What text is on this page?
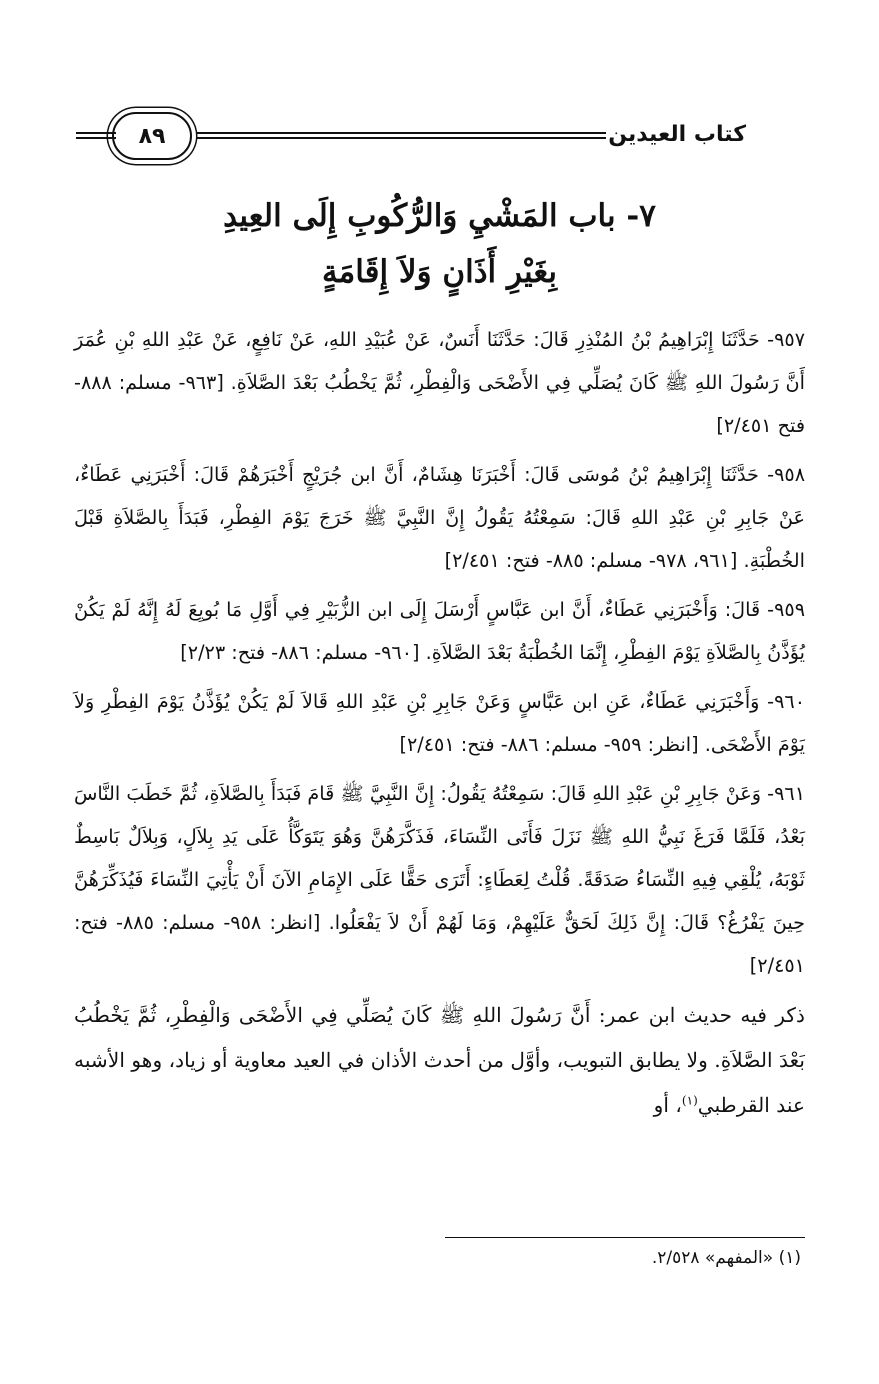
كتاب العيدين
٨٩
٧- باب المَشْيِ وَالرُّكُوبِ إِلَى العِيدِ
بِغَيْرِ أَذَانٍ وَلاَ إِقَامَةٍ

٩٥٧- حَدَّثَنَا إِبْرَاهِيمُ بْنُ المُنْذِرِ قَالَ: حَدَّثَنَا أَنَسٌ، عَنْ عُبَيْدِ اللهِ، عَنْ نَافِعٍ، عَنْ عَبْدِ اللهِ بْنِ عُمَرَ أَنَّ رَسُولَ اللهِ ﷺ كَانَ يُصَلِّي فِي الأَضْحَى وَالْفِطْرِ، ثُمَّ يَخْطُبُ بَعْدَ الصَّلاَةِ. [٩٦٣- مسلم: ٨٨٨- فتح ٢/٤٥١]

٩٥٨- حَدَّثَنَا إِبْرَاهِيمُ بْنُ مُوسَى قَالَ: أَخْبَرَنَا هِشَامٌ، أَنَّ ابن جُرَيْجٍ أَخْبَرَهُمْ قَالَ: أَخْبَرَنِي عَطَاءٌ، عَنْ جَابِرِ بْنِ عَبْدِ اللهِ قَالَ: سَمِعْتُهُ يَقُولُ إِنَّ النَّبِيَّ ﷺ خَرَجَ يَوْمَ الفِطْرِ، فَبَدَأَ بِالصَّلاَةِ قَبْلَ الخُطْبَةِ. [٩٦١، ٩٧٨- مسلم: ٨٨٥- فتح: ٢/٤٥١]

٩٥٩- قَالَ: وَأَخْبَرَنِي عَطَاءٌ، أَنَّ ابن عَبَّاسٍ أَرْسَلَ إِلَى ابن الزُّبَيْرِ فِي أَوَّلِ مَا بُويِعَ لَهُ إِنَّهُ لَمْ يَكُنْ يُؤَذَّنُ بِالصَّلاَةِ يَوْمَ الفِطْرِ، إِنَّمَا الخُطْبَةُ بَعْدَ الصَّلاَةِ. [٩٦٠- مسلم: ٨٨٦- فتح: ٢/٢٣]

٩٦٠- وَأَخْبَرَنِي عَطَاءٌ، عَنِ ابن عَبَّاسٍ وَعَنْ جَابِرِ بْنِ عَبْدِ اللهِ قَالاَ لَمْ يَكُنْ يُؤَذَّنُ يَوْمَ الفِطْرِ وَلاَ يَوْمَ الأَضْحَى. [انظر: ٩٥٩- مسلم: ٨٨٦- فتح: ٢/٤٥١]

٩٦١- وَعَنْ جَابِرِ بْنِ عَبْدِ اللهِ قَالَ: سَمِعْتُهُ يَقُولُ: إِنَّ النَّبِيَّ ﷺ قَامَ فَبَدَأَ بِالصَّلاَةِ، ثُمَّ خَطَبَ النَّاسَ بَعْدُ، فَلَمَّا فَرَغَ نَبِيُّ اللهِ ﷺ نَزَلَ فَأَتَى النِّسَاءَ، فَذَكَّرَهُنَّ وَهُوَ يَتَوَكَّأُ عَلَى يَدِ بِلاَلٍ، وَبِلاَلٌ بَاسِطٌ ثَوْبَهُ، يُلْقِي فِيهِ النِّسَاءُ صَدَقَةً. قُلْتُ لِعَطَاءٍ: أَتَرَى حَقًّا عَلَى الإِمَامِ الآنَ أَنْ يَأْتِيَ النِّسَاءَ فَيُذَكِّرَهُنَّ حِينَ يَفْرُغُ؟ قَالَ: إِنَّ ذَلِكَ لَحَقٌّ عَلَيْهِمْ، وَمَا لَهُمْ أَنْ لاَ يَفْعَلُوا. [انظر: ٩٥٨- مسلم: ٨٨٥- فتح: ٢/٤٥١]

ذكر فيه حديث ابن عمر: أَنَّ رَسُولَ اللهِ ﷺ كَانَ يُصَلِّي فِي الأَضْحَى وَالْفِطْرِ، ثُمَّ يَخْطُبُ بَعْدَ الصَّلاَةِ. ولا يطابق التبويب، وأوَّل من أحدث الأذان في العيد معاوية أو زياد، وهو الأشبه عند القرطبي$^{(١)}$، أو

(١) «المفهم» ٢/٥٢٨.
